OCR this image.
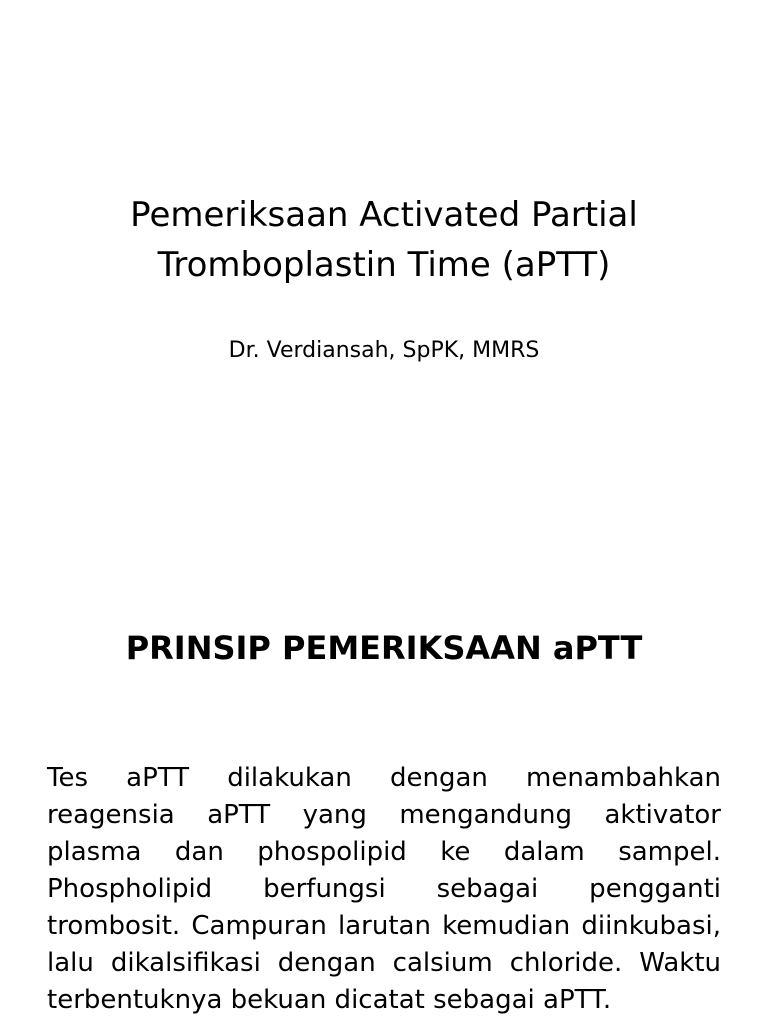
Pemeriksaan Activated Partial Tromboplastin Time (aPTT)

Dr. Verdiansah, SpPK, MMRS

PRINSIP PEMERIKSAAN aPTT

Tes aPTT dilakukan dengan menambahkan reagensia aPTT yang mengandung aktivator plasma dan phospolipid ke dalam sampel. Phospholipid berfungsi sebagai pengganti trombosit. Campuran larutan kemudian diinkubasi, lalu dikalsifikasi dengan calsium chloride. Waktu terbentuknya bekuan dicatat sebagai aPTT.
